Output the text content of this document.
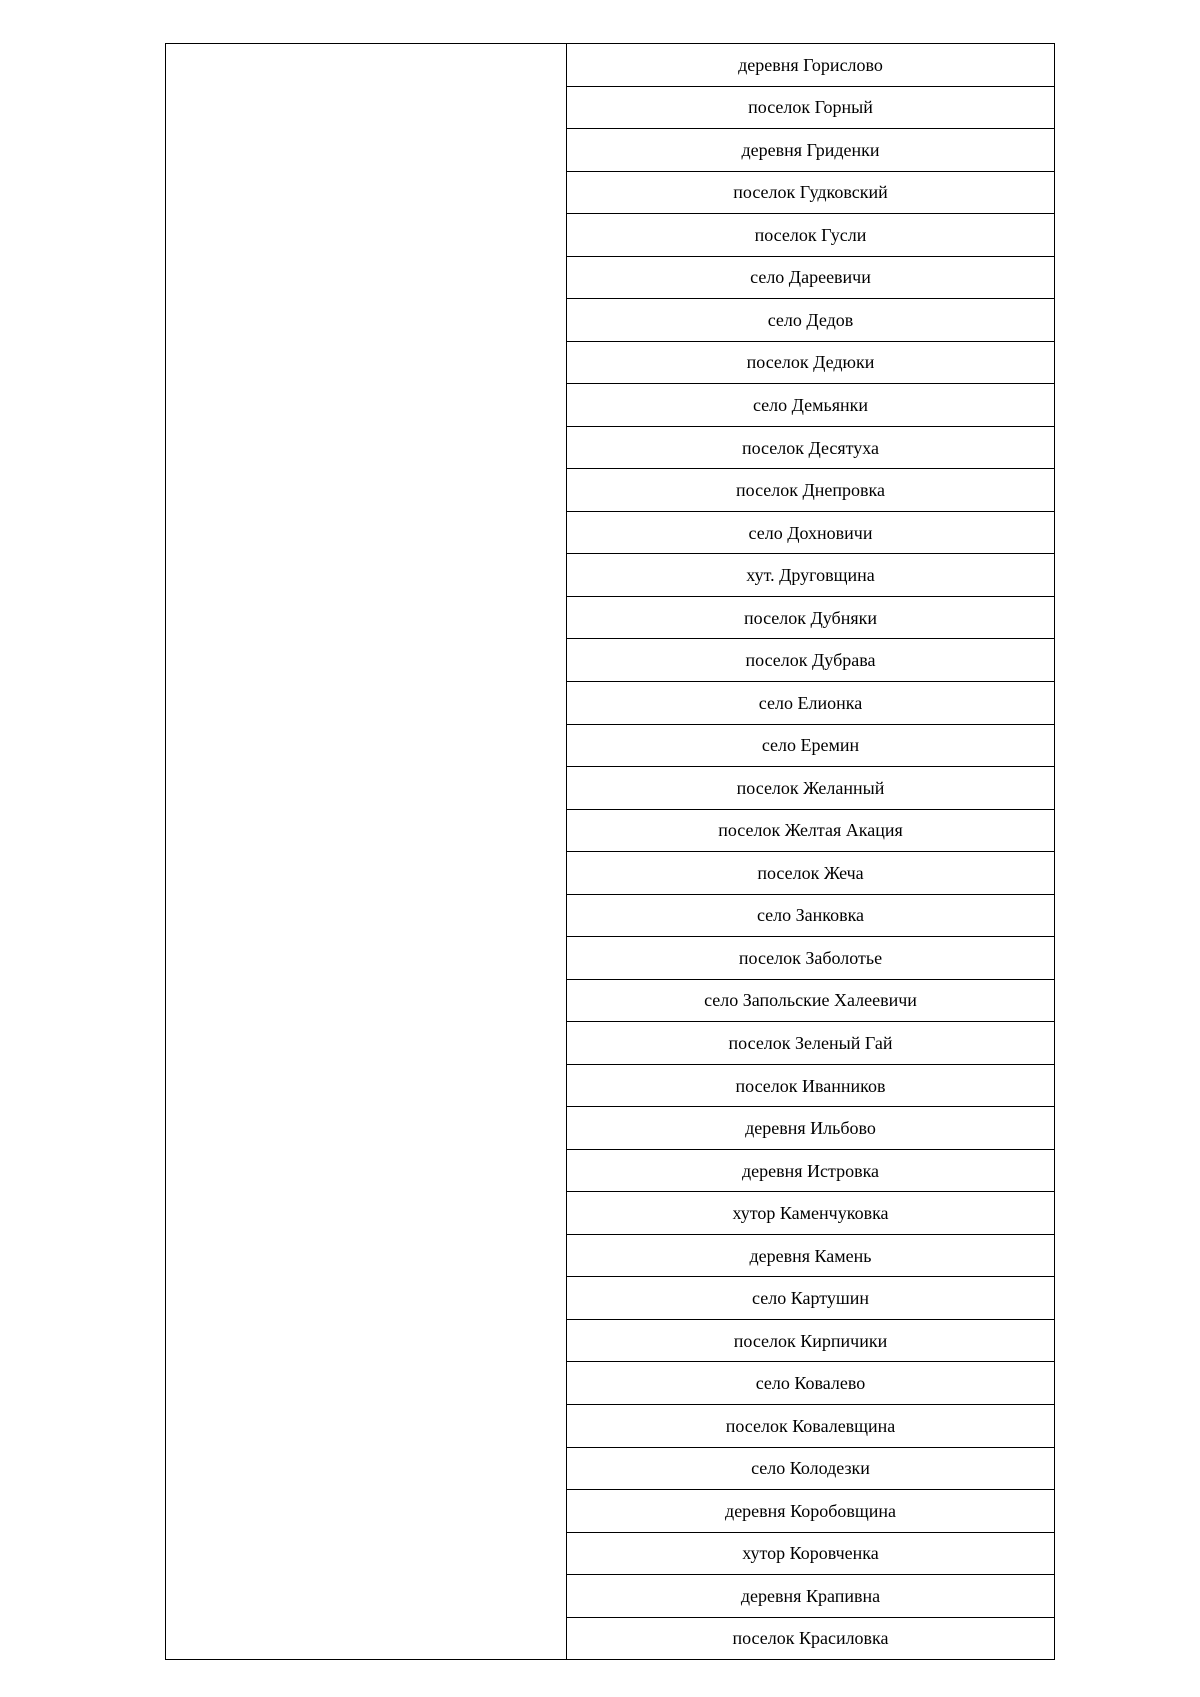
деревня Горислово
поселок Горный
деревня Гриденки
поселок Гудковский
поселок Гусли
село Дареевичи
село Дедов
поселок Дедюки
село Демьянки
поселок Десятуха
поселок Днепровка
село Дохновичи
хут. Друговщина
поселок Дубняки
поселок Дубрава
село Елионка
село Еремин
поселок Желанный
поселок Желтая Акация
поселок Жеча
село Занковка
поселок Заболотье
село Запольские Халеевичи
поселок Зеленый Гай
поселок Иванников
деревня Ильбово
деревня Истровка
хутор Каменчуковка
деревня Камень
село Картушин
поселок Кирпичики
село Ковалево
поселок Ковалевщина
село Колодезки
деревня Коробовщина
хутор Коровченка
деревня Крапивна
поселок Красиловка
